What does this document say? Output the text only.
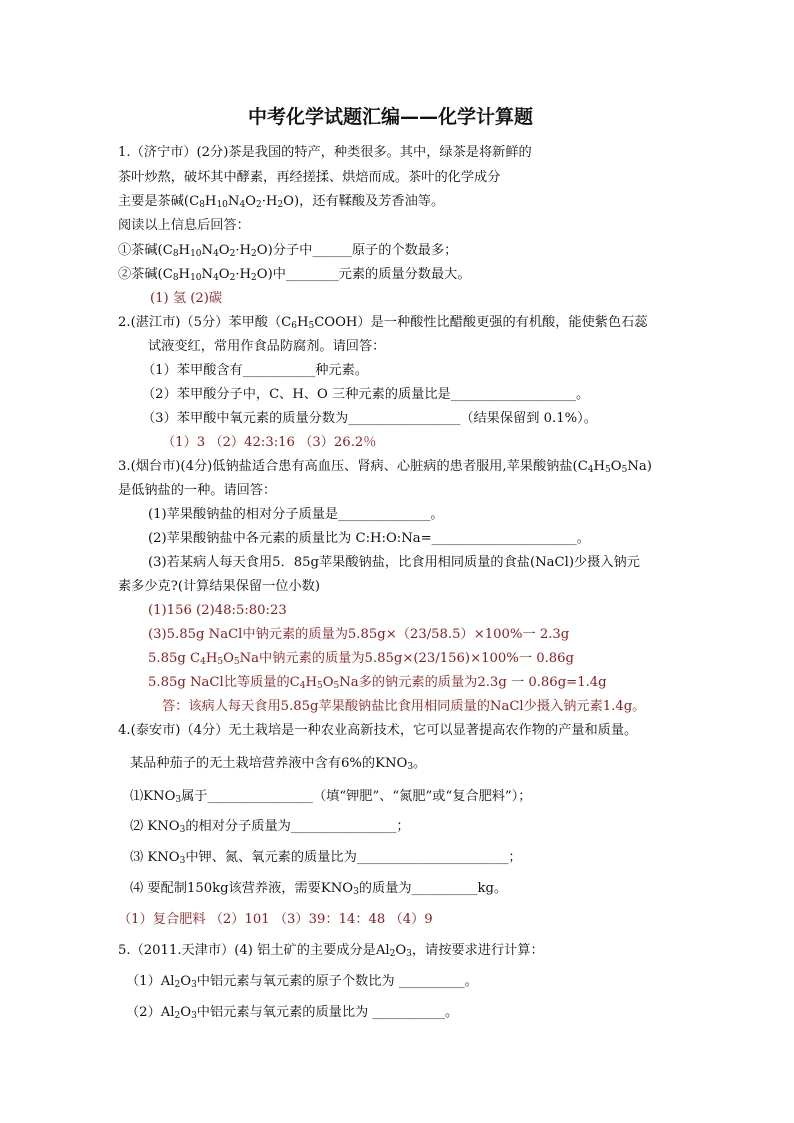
中考化学试题汇编——化学计算题
1.（济宁市）(2分)茶是我国的特产，种类很多。其中，绿茶是将新鲜的
茶叶炒熬，破坏其中酵素，再经搓揉、烘焙而成。茶叶的化学成分
主要是茶碱$(C_8H_{10}N_4O_2\cdot H_2O)$，还有鞣酸及芳香油等。
阅读以上信息后回答：
①茶碱$(C_8H_{10}N_4O_2\cdot H_2O)$分子中______原子的个数最多；
②茶碱$(C_8H_{10}N_4O_2\cdot H_2O)$中________元素的质量分数最大。
(1) 氢 (2)碳
2.(湛江市)（5分）苯甲酸$(C_6H_5COOH)$是一种酸性比醋酸更强的有机酸，能使紫色石蕊
试液变红，常用作食品防腐剂。请回答：
（1）苯甲酸含有___________种元素。
（2）苯甲酸分子中，C、H、O 三种元素的质量比是___________________。
（3）苯甲酸中氧元素的质量分数为_________________（结果保留到 0.1%）。
（1）3 （2）42:3:16 （3）26.2％
3.(烟台市)(4分)低钠盐适合患有高血压、肾病、心脏病的患者服用,苹果酸钠盐$(C_4H_5O_5Na)$
是低钠盐的一种。请回答：
(1)苹果酸钠盐的相对分子质量是______________。
(2)苹果酸钠盐中各元素的质量比为 C:H:O:Na=______________________。
(3)若某病人每天食用5．85g苹果酸钠盐，比食用相同质量的食盐(NaCl)少摄入钠元
素多少克?(计算结果保留一位小数)
(1)156 (2)48:5:80:23
(3)5.85g NaCl中钠元素的质量为5.85g×（23/58.5）×100%一 2.3g
5.85g $C_4H_5O_5Na$中钠元素的质量为5.85g×(23/156)×100%一 0.86g
5.85g NaCl比等质量的$C_4H_5O_5Na$多的钠元素的质量为2.3g 一 0.86g=1.4g
答：该病人每天食用5.85g苹果酸钠盐比食用相同质量的NaCl少摄入钠元素1.4g。
4.(泰安市)（4分）无土栽培是一种农业高新技术，它可以显著提高农作物的产量和质量。
某品种茄子的无土栽培营养液中含有6%的$KNO_3$。
$⑴KNO_3$属于________________（填“钾肥”、“氮肥”或“复合肥料”）；
⑵ $KNO_3$的相对分子质量为________________；
⑶ $KNO_3$中钾、氮、氧元素的质量比为_______________________；
⑷ 要配制150kg该营养液，需要$KNO_3$的质量为__________kg。
（1）复合肥料 （2）101 （3）39：14：48 （4）9
5.（2011.天津市）(4) 铝土矿的主要成分是$Al_2O_3$，请按要求进行计算：
$(1)Al_2O_3$中铝元素与氧元素的原子个数比为 __________。
$(2)Al_2O_3$中铝元素与氧元素的质量比为 ___________。
